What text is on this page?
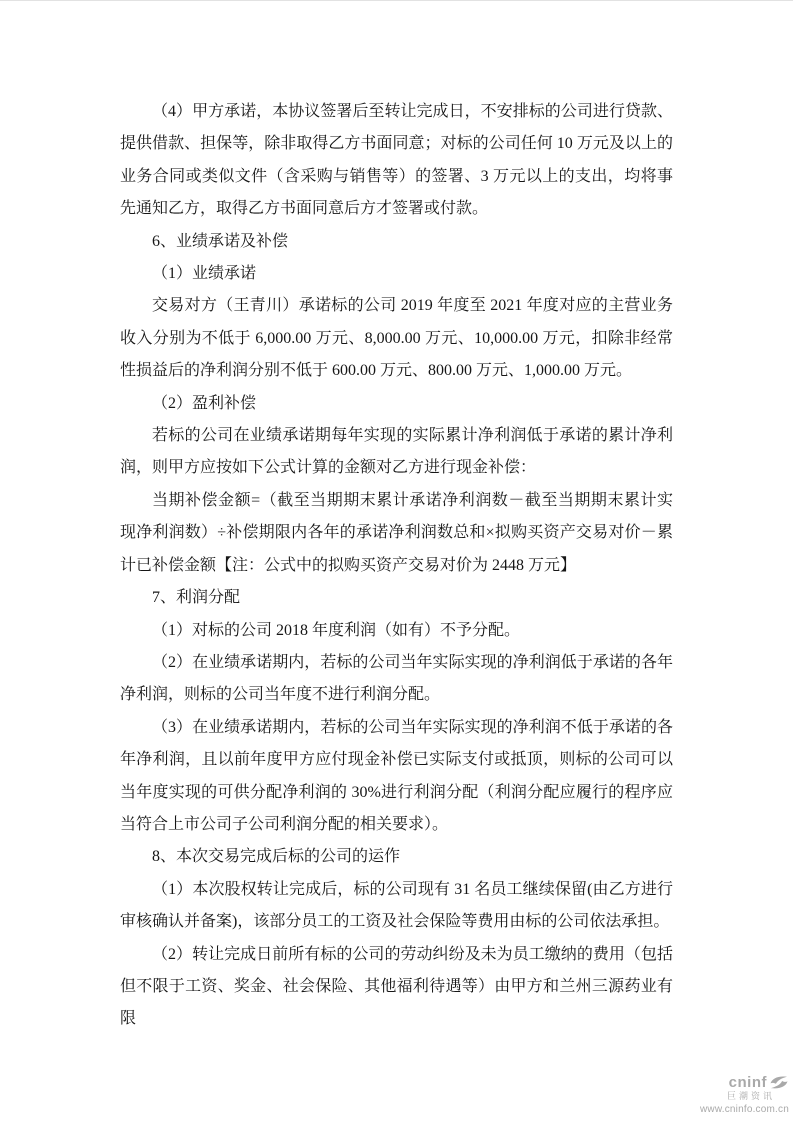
（4）甲方承诺，本协议签署后至转让完成日，不安排标的公司进行贷款、提供借款、担保等，除非取得乙方书面同意；对标的公司任何 10 万元及以上的业务合同或类似文件（含采购与销售等）的签署、3 万元以上的支出，均将事先通知乙方，取得乙方书面同意后方才签署或付款。

6、业绩承诺及补偿

（1）业绩承诺

交易对方（王青川）承诺标的公司 2019 年度至 2021 年度对应的主营业务收入分别为不低于 6,000.00 万元、8,000.00 万元、10,000.00 万元，扣除非经常性损益后的净利润分别不低于 600.00 万元、800.00 万元、1,000.00 万元。

（2）盈利补偿

若标的公司在业绩承诺期每年实现的实际累计净利润低于承诺的累计净利润，则甲方应按如下公式计算的金额对乙方进行现金补偿：

当期补偿金额=（截至当期期末累计承诺净利润数－截至当期期末累计实现净利润数）÷补偿期限内各年的承诺净利润数总和×拟购买资产交易对价－累计已补偿金额【注：公式中的拟购买资产交易对价为 2448 万元】

7、利润分配

（1）对标的公司 2018 年度利润（如有）不予分配。

（2）在业绩承诺期内，若标的公司当年实际实现的净利润低于承诺的各年净利润，则标的公司当年度不进行利润分配。

（3）在业绩承诺期内，若标的公司当年实际实现的净利润不低于承诺的各年净利润，且以前年度甲方应付现金补偿已实际支付或抵顶，则标的公司可以当年度实现的可供分配净利润的 30%进行利润分配（利润分配应履行的程序应当符合上市公司子公司利润分配的相关要求）。

8、本次交易完成后标的公司的运作

（1）本次股权转让完成后，标的公司现有 31 名员工继续保留(由乙方进行审核确认并备案)，该部分员工的工资及社会保险等费用由标的公司依法承担。

（2）转让完成日前所有标的公司的劳动纠纷及未为员工缴纳的费用（包括但不限于工资、奖金、社会保险、其他福利待遇等）由甲方和兰州三源药业有限

cninf
巨潮资讯
www.cninfo.com.cn
